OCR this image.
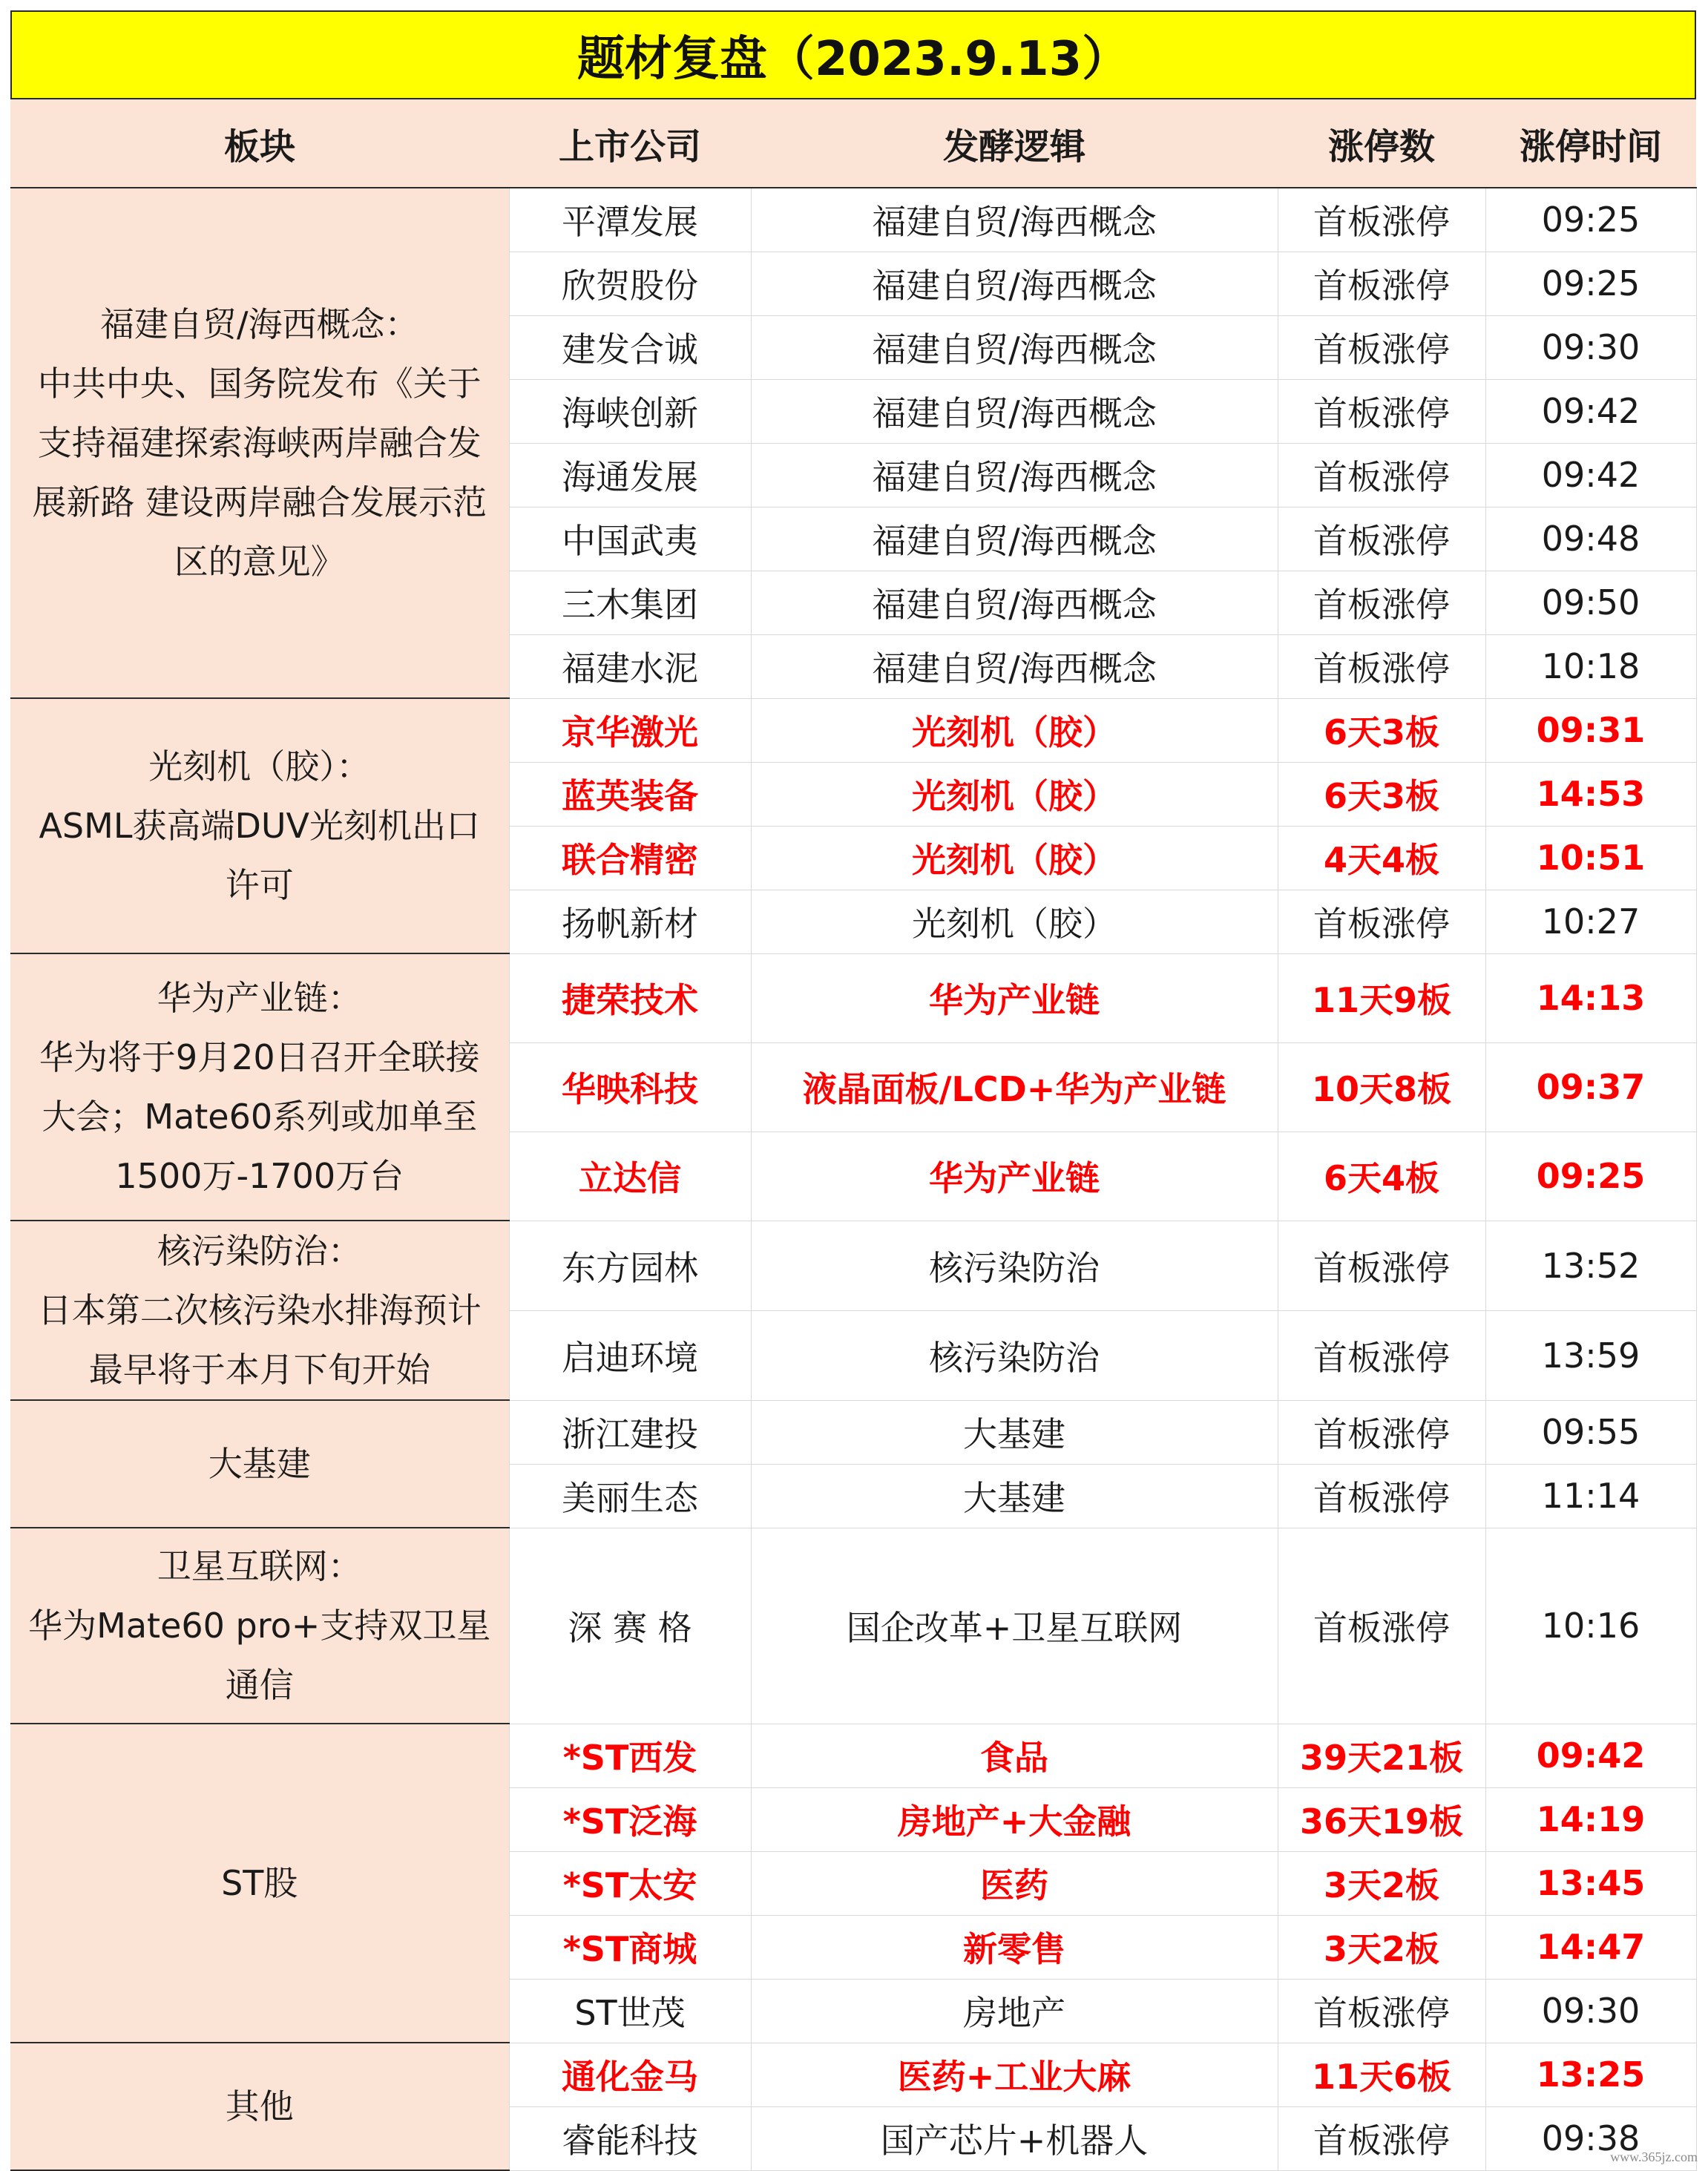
题材复盘（2023.9.13）
板块	上市公司	发酵逻辑	涨停数	涨停时间

福建自贸/海西概念：
中共中央、国务院发布《关于支持福建探索海峡两岸融合发展新路 建设两岸融合发展示范区的意见》	平潭发展	福建自贸/海西概念	首板涨停	09:25
	欣贺股份	福建自贸/海西概念	首板涨停	09:25
	建发合诚	福建自贸/海西概念	首板涨停	09:30
	海峡创新	福建自贸/海西概念	首板涨停	09:42
	海通发展	福建自贸/海西概念	首板涨停	09:42
	中国武夷	福建自贸/海西概念	首板涨停	09:48
	三木集团	福建自贸/海西概念	首板涨停	09:50
	福建水泥	福建自贸/海西概念	首板涨停	10:18

光刻机（胶）：
ASML获高端DUV光刻机出口许可	京华激光	光刻机（胶）	6天3板	09:31
	蓝英装备	光刻机（胶）	6天3板	14:53
	联合精密	光刻机（胶）	4天4板	10:51
	扬帆新材	光刻机（胶）	首板涨停	10:27

华为产业链：
华为将于9月20日召开全联接大会；Mate60系列或加单至1500万-1700万台	捷荣技术	华为产业链	11天9板	14:13
	华映科技	液晶面板/LCD+华为产业链	10天8板	09:37
	立达信	华为产业链	6天4板	09:25

核污染防治：
日本第二次核污染水排海预计最早将于本月下旬开始	东方园林	核污染防治	首板涨停	13:52
	启迪环境	核污染防治	首板涨停	13:59

大基建	浙江建投	大基建	首板涨停	09:55
	美丽生态	大基建	首板涨停	11:14

卫星互联网：
华为Mate60 pro+支持双卫星通信	深 赛 格	国企改革+卫星互联网	首板涨停	10:16

ST股	*ST西发	食品	39天21板	09:42
	*ST泛海	房地产+大金融	36天19板	14:19
	*ST太安	医药	3天2板	13:45
	*ST商城	新零售	3天2板	14:47
	ST世茂	房地产	首板涨停	09:30

其他	通化金马	医药+工业大麻	11天6板	13:25
	睿能科技	国产芯片+机器人	首板涨停	09:38
www.365jz.com
